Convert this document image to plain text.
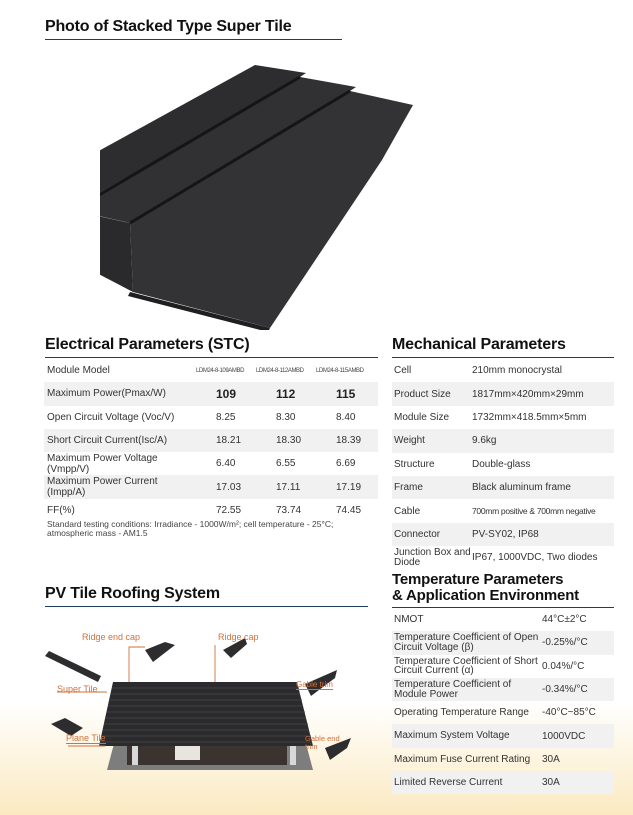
Photo of Stacked Type Super Tile
Electrical Parameters (STC)
Module Model	LDM24-8-109AMBD	LDM24-8-112AMBD	LDM24-8-115AMBD
Maximum Power(Pmax/W)	109	112	115
Open Circuit Voltage (Voc/V)	8.25	8.30	8.40
Short Circuit Current(Isc/A)	18.21	18.30	18.39
Maximum Power Voltage (Vmpp/V)	6.40	6.55	6.69
Maximum Power Current (Impp/A)	17.03	17.11	17.19
FF(%)	72.55	73.74	74.45
Standard testing conditions: Irradiance - 1000W/m²; cell temperature - 25°C;
atmospheric mass - AM1.5
Mechanical Parameters
Cell	210mm monocrystal
Product Size	1817mm×420mm×29mm
Module Size	1732mm×418.5mm×5mm
Weight	9.6kg
Structure	Double-glass
Frame	Black aluminum frame
Cable	700mm positive & 700mm negative
Connector	PV-SY02, IP68
Junction Box and Diode	IP67, 1000VDC, Two diodes
Temperature Parameters
& Application Environment
NMOT	44°C±2°C
Temperature Coefficient of Open Circuit Voltage (β)	-0.25%/°C
Temperature Coefficient of Short Circuit Current (α)	0.04%/°C
Temperature Coefficient of Module Power	-0.34%/°C
Operating Temperature Range	-40°C~85°C
Maximum System Voltage	1000VDC
Maximum Fuse Current Rating	30A
Limited Reverse Current	30A
PV Tile Roofing System
Ridge end cap	Ridge cap
Super Tile	Gable trim
Plane Tile	Gable end
trim
